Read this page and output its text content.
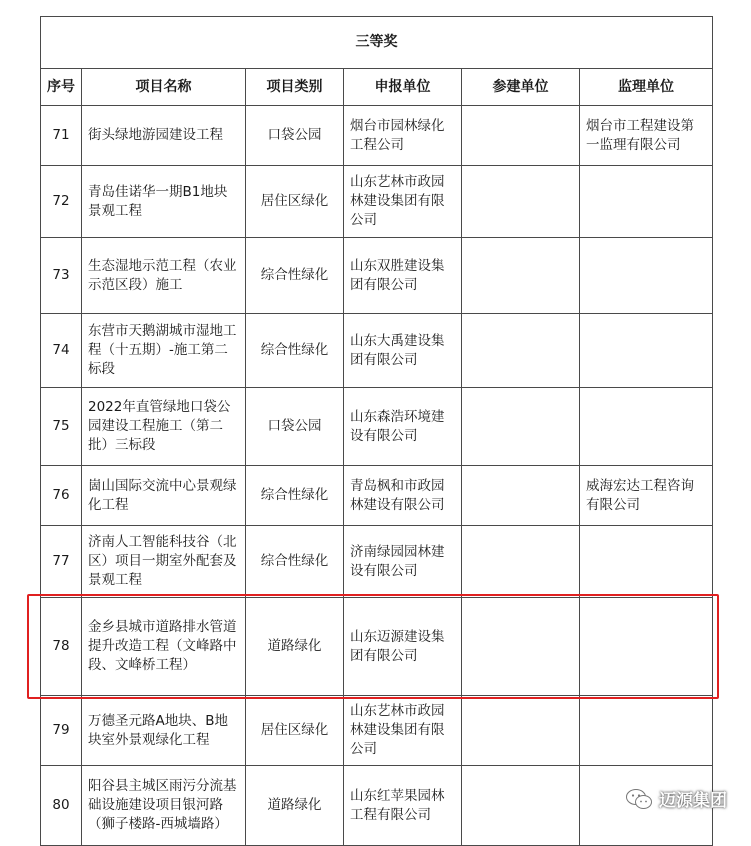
三等奖					
序号	项目名称	项目类别	申报单位	参建单位	监理单位
71	街头绿地游园建设工程	口袋公园	烟台市园林绿化工程公司		烟台市工程建设第一监理有限公司
72	青岛佳诺华一期B1地块景观工程	居住区绿化	山东艺林市政园林建设集团有限公司		
73	生态湿地示范工程（农业示范区段）施工	综合性绿化	山东双胜建设集团有限公司		
74	东营市天鹅湖城市湿地工程（十五期）-施工第二标段	综合性绿化	山东大禹建设集团有限公司		
75	2022年直管绿地口袋公园建设工程施工（第二批）三标段	口袋公园	山东森浩环境建设有限公司		
76	崮山国际交流中心景观绿化工程	综合性绿化	青岛枫和市政园林建设有限公司		威海宏达工程咨询有限公司
77	济南人工智能科技谷（北区）项目一期室外配套及景观工程	综合性绿化	济南绿园园林建设有限公司		
78	金乡县城市道路排水管道提升改造工程（文峰路中段、文峰桥工程）	道路绿化	山东迈源建设集团有限公司		
79	万德圣元路A地块、B地块室外景观绿化工程	居住区绿化	山东艺林市政园林建设集团有限公司		
80	阳谷县主城区雨污分流基础设施建设项目银河路（狮子楼路-西城墙路）	道路绿化	山东红苹果园林工程有限公司		
迈源集团
